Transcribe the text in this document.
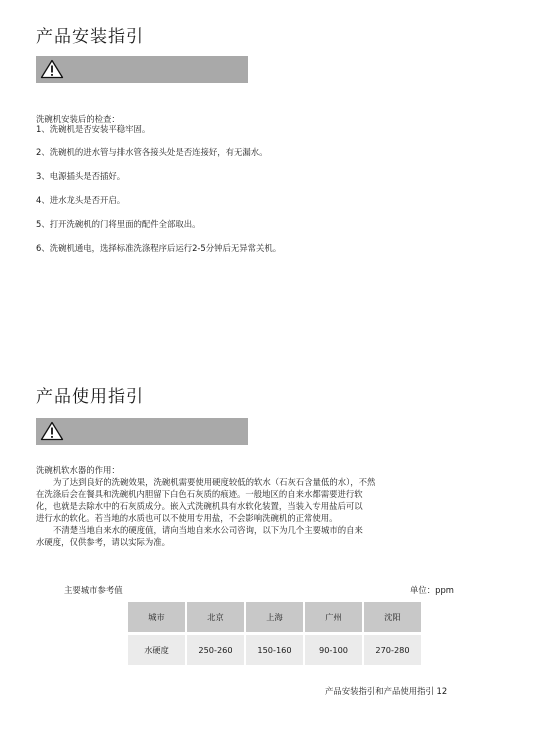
产品安装指引
洗碗机安装后的检查：
1、洗碗机是否安装平稳牢固。
2、洗碗机的进水管与排水管各接头处是否连接好，有无漏水。
3、电源插头是否插好。
4、进水龙头是否开启。
5、打开洗碗机的门将里面的配件全部取出。
6、洗碗机通电，选择标准洗涤程序后运行2-5分钟后无异常关机。
产品使用指引

洗碗机软水器的作用：

为了达到良好的洗碗效果，洗碗机需要使用硬度较低的软水（石灰石含量低的水），不然

在洗涤后会在餐具和洗碗机内胆留下白色石灰质的痕迹。一般地区的自来水都需要进行软

化，也就是去除水中的石灰质成分。嵌入式洗碗机具有水软化装置，当装入专用盐后可以

进行水的软化。若当地的水质也可以不使用专用盐，不会影响洗碗机的正常使用。

不清楚当地自来水的硬度值，请向当地自来水公司咨询，以下为几个主要城市的自来

水硬度，仅供参考，请以实际为准。

主要城市参考值	单位：ppm
城市	北京	上海	广州	沈阳
水硬度	250-260	150-160	90-100	270-280
产品安装指引和产品使用指引 12
